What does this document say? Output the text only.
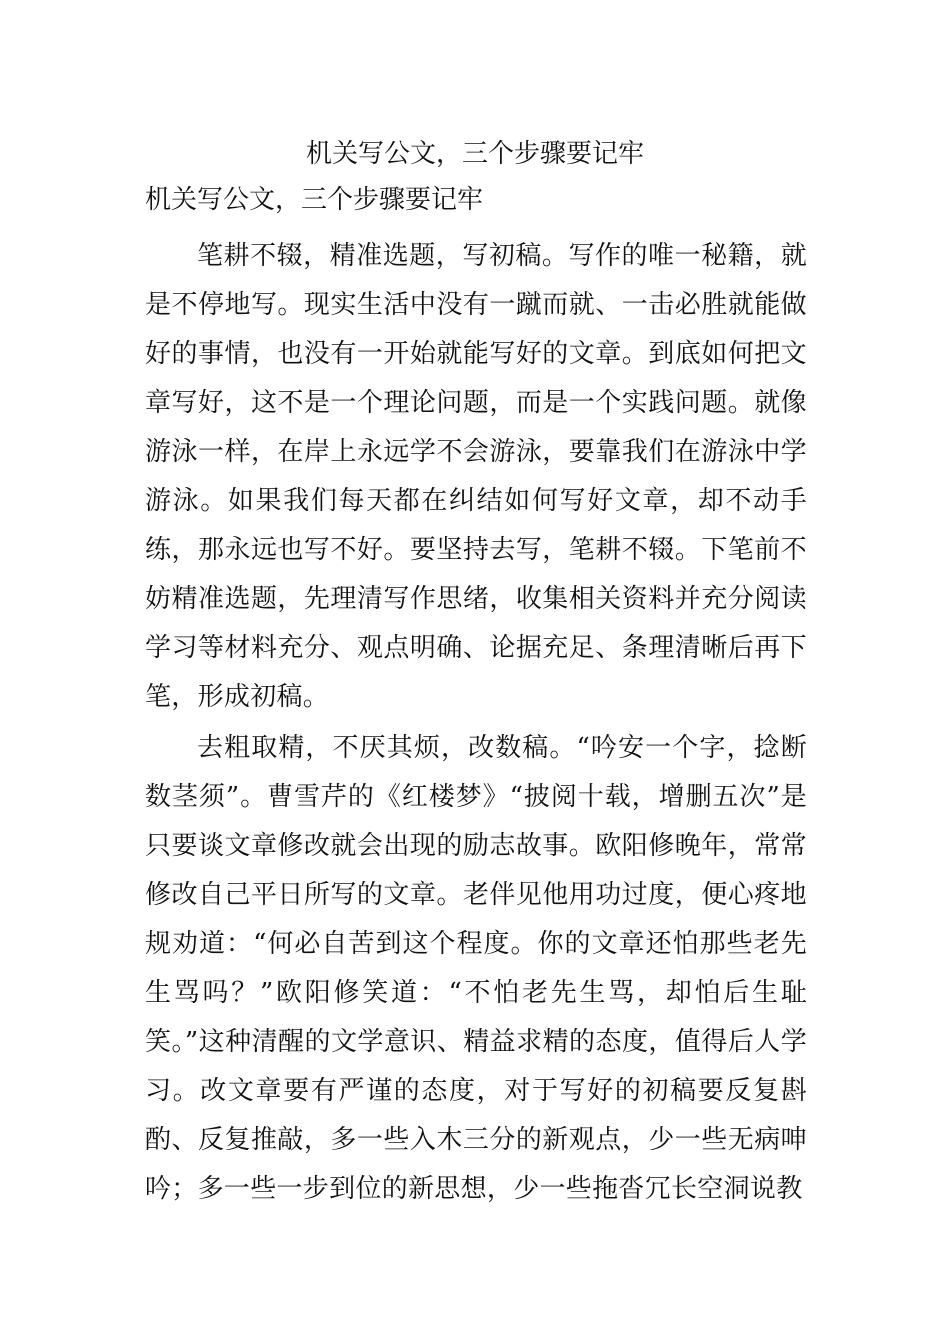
机关写公文，三个步骤要记牢

机关写公文，三个步骤要记牢

笔耕不辍，精准选题，写初稿。写作的唯一秘籍，就是不停地写。现实生活中没有一蹴而就、一击必胜就能做好的事情，也没有一开始就能写好的文章。到底如何把文章写好，这不是一个理论问题，而是一个实践问题。就像游泳一样，在岸上永远学不会游泳，要靠我们在游泳中学游泳。如果我们每天都在纠结如何写好文章，却不动手练，那永远也写不好。要坚持去写，笔耕不辍。下笔前不妨精准选题，先理清写作思绪，收集相关资料并充分阅读学习等材料充分、观点明确、论据充足、条理清晰后再下笔，形成初稿。

去粗取精，不厌其烦，改数稿。“吟安一个字，捻断数茎须”。曹雪芹的《红楼梦》“披阅十载，增删五次”是只要谈文章修改就会出现的励志故事。欧阳修晚年，常常修改自己平日所写的文章。老伴见他用功过度，便心疼地规劝道：“何必自苦到这个程度。你的文章还怕那些老先生骂吗？”欧阳修笑道：“不怕老先生骂，却怕后生耻笑。”这种清醒的文学意识、精益求精的态度，值得后人学习。改文章要有严谨的态度，对于写好的初稿要反复斟酌、反复推敲，多一些入木三分的新观点，少一些无病呻吟；多一些一步到位的新思想，少一些拖沓冗长空洞说教
